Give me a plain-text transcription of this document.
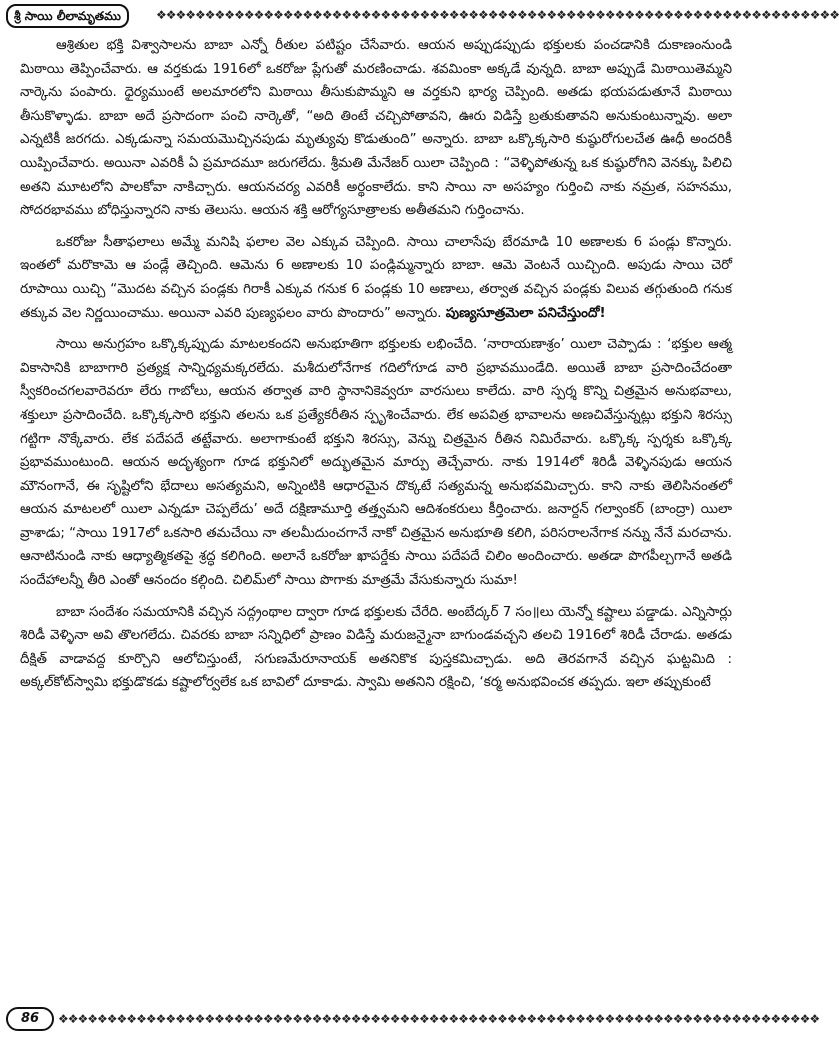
శ్రీ సాయి లీలామృతము	❖❖❖❖❖❖❖❖❖❖❖❖❖❖❖❖❖❖❖❖❖❖❖❖❖❖❖❖❖❖❖❖❖❖❖❖❖❖❖❖❖❖❖❖❖❖❖❖❖❖❖❖❖❖❖❖❖❖❖❖❖❖❖❖❖❖❖❖❖❖

ఆశ్రితుల భక్తి విశ్వాసాలను బాబా ఎన్నో రీతుల పటిష్టం చేసేవారు. ఆయన అప్పుడప్పుడు భక్తులకు పంచడానికి దుకాణంనుండి మిఠాయి తెప్పించేవారు. ఆ వర్తకుడు 1916లో ఒకరోజు ప్లేగుతో మరణించాడు. శవమింకా అక్కడే వున్నది. బాబా అప్పుడే మిఠాయితెమ్మని నార్కెను పంపారు. ధైర్యముంటే అలమారలోని మిఠాయి తీసుకుపొమ్మని ఆ వర్తకుని భార్య చెప్పింది. అతడు భయపడుతూనే మిఠాయి తీసుకొళ్ళాడు. బాబా అదే ప్రసాదంగా పంచి నార్కెతో, “అది తింటే చచ్చిపోతావని, ఊరు విడిస్తే బ్రతుకుతావని అనుకుంటున్నావు. అలా ఎన్నటికీ జరగదు. ఎక్కడున్నా సమయమొచ్చినపుడు మృత్యువు కొడుతుంది” అన్నారు. బాబా ఒక్కొక్కసారి కుష్ఠురోగులచేత ఊధీ అందరికీ యిప్పించేవారు. అయినా ఎవరికీ ఏ ప్రమాదమూ జరుగలేదు. శ్రీమతి మేనేజర్ యిలా చెప్పింది : “వెళ్ళిపోతున్న ఒక కుష్ఠురోగిని వెనక్కు పిలిచి అతని మూటలోని పాలకోవా నాకిచ్చారు. ఆయనచర్య ఎవరికీ అర్థంకాలేదు. కాని సాయి నా అసహ్యం గుర్తించి నాకు నమ్రత, సహనము, సోదరభావము బోధిస్తున్నారని నాకు తెలుసు. ఆయన శక్తి ఆరోగ్యసూత్రాలకు అతీతమని గుర్తించాను.

ఒకరోజు సీతాఫలాలు అమ్మే మనిషి ఫలాల వెల ఎక్కువ చెప్పింది. సాయి చాలాసేపు బేరమాడి 10 అణాలకు 6 పండ్లు కొన్నారు. ఇంతలో మరొకామె ఆ పండ్లే తెచ్చింది. ఆమెను 6 అణాలకు 10 పండ్లిమ్మన్నారు బాబా. ఆమె వెంటనే యిచ్చింది. అపుడు సాయి చెరో రూపాయి యిచ్చి “మొదట వచ్చిన పండ్లకు గిరాకీ ఎక్కువ గనుక 6 పండ్లకు 10 అణాలు, తర్వాత వచ్చిన పండ్లకు విలువ తగ్గుతుంది గనుక తక్కువ వెల నిర్ణయించాము. అయినా ఎవరి పుణ్యఫలం వారు పొందారు” అన్నారు. పుణ్యసూత్రమెలా పనిచేస్తుందో!

సాయి అనుగ్రహం ఒక్కొక్కప్పుడు మాటలకందని అనుభూతిగా భక్తులకు లభించేది. ‘నారాయణాశ్రం’ యిలా చెప్పాడు : ‘భక్తుల ఆత్మ వికాసానికి బాబాగారి ప్రత్యక్ష సాన్నిధ్యమక్కరలేదు. మశీదులోనేగాక గదిలోగూడ వారి ప్రభావముండేది. అయితే బాబా ప్రసాదించేదంతా స్వీకరించగలవారెవరూ లేరు గాబోలు, ఆయన తర్వాత వారి స్థానానికెవ్వరూ వారసులు కాలేదు. వారి స్పర్శ కొన్ని చిత్రమైన అనుభవాలు, శక్తులూ ప్రసాదించేది. ఒక్కొక్కసారి భక్తుని తలను ఒక ప్రత్యేకరీతిన స్పృశించేవారు. లేక అపవిత్ర భావాలను అణచివేస్తున్నట్లు భక్తుని శిరస్సు గట్టిగా నొక్కేవారు. లేక పదేపదే తట్టేవారు. అలాగాకుంటే భక్తుని శిరస్సు, వెన్ను చిత్రమైన రీతిన నిమిరేవారు. ఒక్కొక్క స్పర్శకు ఒక్కొక్క ప్రభావముంటుంది. ఆయన అదృశ్యంగా గూడ భక్తునిలో అద్భుతమైన మార్పు తెచ్చేవారు. నాకు 1914లో శిరిడీ వెళ్ళినపుడు ఆయన మౌనంగానే, ఈ సృష్టిలోని భేదాలు అసత్యమని, అన్నింటికి ఆధారమైన దొక్కటే సత్యమన్న అనుభవమిచ్చారు. కాని నాకు తెలిసినంతలో ఆయన మాటలలో యిలా ఎన్నడూ చెప్పలేదు’ అదే దక్షిణామూర్తి తత్త్వమని ఆదిశంకరులు కీర్తించారు. జనార్దన్ గల్వాంకర్ (బాంద్రా) యిలా వ్రాశాడు; “సాయి 1917లో ఒకసారి తమచేయి నా తలమీదుంచగానే నాకో చిత్రమైన అనుభూతి కలిగి, పరిసరాలనేగాక నన్ను నేనే మరచాను. ఆనాటినుండి నాకు ఆధ్యాత్మికతపై శ్రద్ధ కలిగింది. అలానే ఒకరోజు ఖాపర్డేకు సాయి పదేపదే చిలిం అందించారు. అతడా పొగపీల్చగానే అతడి సందేహాలన్నీ తీరి ఎంతో ఆనందం కల్గింది. చిలిమ్‌లో సాయి పొగాకు మాత్రమే వేసుకున్నారు సుమా!

బాబా సందేశం సమయానికి వచ్చిన సద్గ్రంథాల ద్వారా గూడ భక్తులకు చేరేది. అంబేద్కర్ 7 సం॥లు యెన్నో కష్టాలు పడ్డాడు. ఎన్నిసార్లు శిరిడీ వెళ్ళినా అవి తొలగలేదు. చివరకు బాబా సన్నిధిలో ప్రాణం విడిస్తే మరుజన్మైనా బాగుండవచ్చని తలచి 1916లో శిరిడీ చేరాడు. అతడు దీక్షిత్ వాడావద్ద కూర్చొని ఆలోచిస్తుంటే, సగుణమేరూనాయక్ అతనికొక పుస్తకమిచ్చాడు. అది తెరవగానే వచ్చిన ఘట్టమిది : అక్కల్‌కోట్‌స్వామి భక్తుడొకడు కష్టాలోర్వలేక ఒక బావిలో దూకాడు. స్వామి అతనిని రక్షించి, ‘కర్మ అనుభవించక తప్పదు. ఇలా తప్పుకుంటే

86	❖❖❖❖❖❖❖❖❖❖❖❖❖❖❖❖❖❖❖❖❖❖❖❖❖❖❖❖❖❖❖❖❖❖❖❖❖❖❖❖❖❖❖❖❖❖❖❖❖❖❖❖❖❖❖❖❖❖❖❖❖❖❖❖❖❖❖❖❖❖❖❖❖❖❖❖❖❖
